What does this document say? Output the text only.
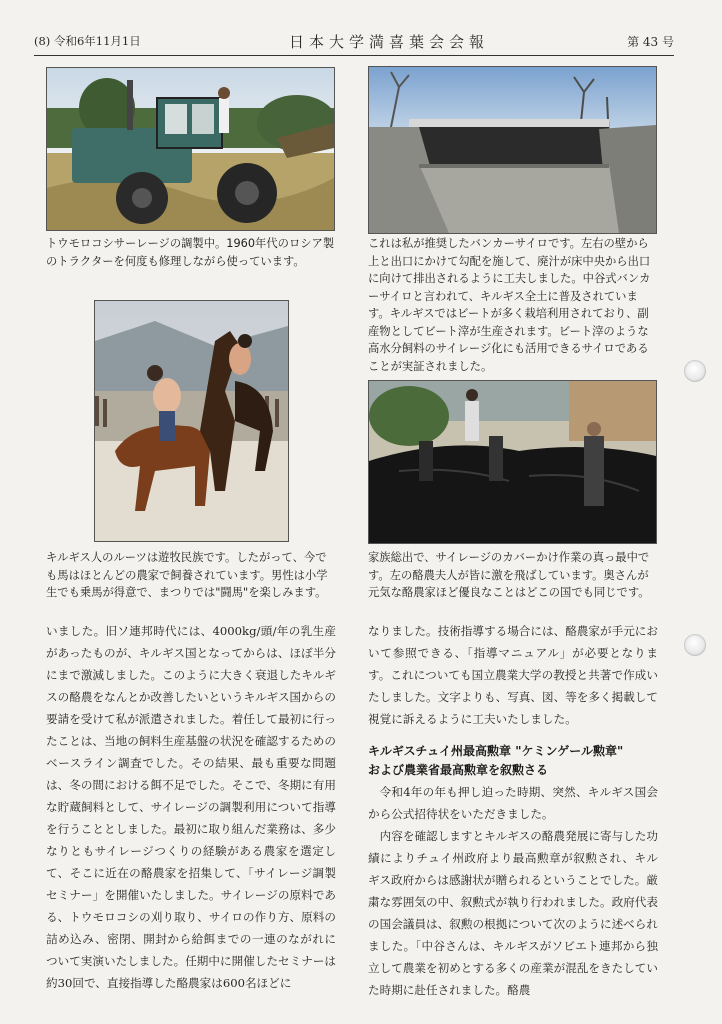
(8) 令和6年11月1日	日本大学満喜葉会会報	第 43 号

トウモロコシサーレージの調製中。1960年代のロシア製のトラクターを何度も修理しながら使っています。

これは私が推奨したバンカーサイロです。左右の壁から上と出口にかけて勾配を施して、廃汁が床中央から出口に向けて排出されるように工夫しました。中谷式バンカーサイロと言われて、キルギス全土に普及されています。キルギスではビートが多く栽培利用されており、副産物としてビート滓が生産されます。ビート滓のような高水分飼料のサイレージ化にも活用できるサイロであることが実証されました。

キルギス人のルーツは遊牧民族です。したがって、今でも馬はほとんどの農家で飼養されています。男性は小学生でも乗馬が得意で、まつりでは"闘馬"を楽しみます。

家族総出で、サイレージのカバーかけ作業の真っ最中です。左の酪農夫人が皆に激を飛ばしています。奥さんが元気な酪農家ほど優良なことはどこの国でも同じです。

いました。旧ソ連邦時代には、4000kg/頭/年の乳生産があったものが、キルギス国となってからは、ほぼ半分にまで激減しました。このように大きく衰退したキルギスの酪農をなんとか改善したいというキルギス国からの要請を受けて私が派遣されました。着任して最初に行ったことは、当地の飼料生産基盤の状況を確認するためのベースライン調査でした。その結果、最も重要な問題は、冬の間における餌不足でした。そこで、冬期に有用な貯蔵飼料として、サイレージの調製利用について指導を行うこととしました。最初に取り組んだ業務は、多少なりともサイレージつくりの経験がある農家を選定して、そこに近在の酪農家を招集して、「サイレージ調製セミナー」を開催いたしました。サイレージの原料である、トウモロコシの刈り取り、サイロの作り方、原料の詰め込み、密閉、開封から給餌までの一連のながれについて実演いたしました。任期中に開催したセミナーは約30回で、直接指導した酪農家は600名ほどに

なりました。技術指導する場合には、酪農家が手元において参照できる、「指導マニュアル」が必要となります。これについても国立農業大学の教授と共著で作成いたしました。文字よりも、写真、図、等を多く掲載して視覚に訴えるように工夫いたしました。

キルギスチュイ州最高勲章 "ケミンゲール勲章"
および農業省最高勲章を叙勲さる

令和4年の年も押し迫った時期、突然、キルギス国会から公式招待状をいただきました。

内容を確認しますとキルギスの酪農発展に寄与した功績によりチュイ州政府より最高勲章が叙勲され、キルギス政府からは感謝状が贈られるということでした。厳粛な雰囲気の中、叙勲式が執り行われました。政府代表の国会議員は、叙勲の根拠について次のように述べられました。「中谷さんは、キルギスがソビエト連邦から独立して農業を初めとする多くの産業が混乱をきたしていた時期に赴任されました。酪農
